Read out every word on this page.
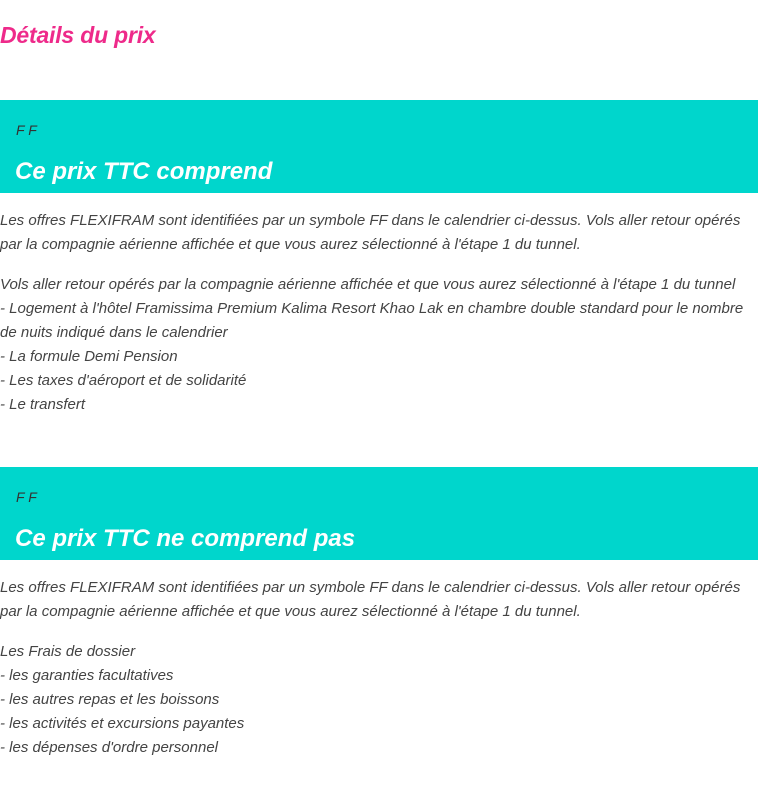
Détails du prix
F F
Ce prix TTC comprend

Les offres FLEXIFRAM sont identifiées par un symbole FF dans le calendrier ci-dessus. Vols aller retour opérés par la compagnie aérienne affichée et que vous aurez sélectionné à l'étape 1 du tunnel.

Vols aller retour opérés par la compagnie aérienne affichée et que vous aurez sélectionné à l'étape 1 du tunnel
- Logement à l'hôtel Framissima Premium Kalima Resort Khao Lak en chambre double standard pour le nombre de nuits indiqué dans le calendrier
- La formule Demi Pension
- Les taxes d'aéroport et de solidarité
- Le transfert
F F
Ce prix TTC ne comprend pas

Les offres FLEXIFRAM sont identifiées par un symbole FF dans le calendrier ci-dessus. Vols aller retour opérés par la compagnie aérienne affichée et que vous aurez sélectionné à l'étape 1 du tunnel.

Les Frais de dossier
- les garanties facultatives
- les autres repas et les boissons
- les activités et excursions payantes
- les dépenses d'ordre personnel
